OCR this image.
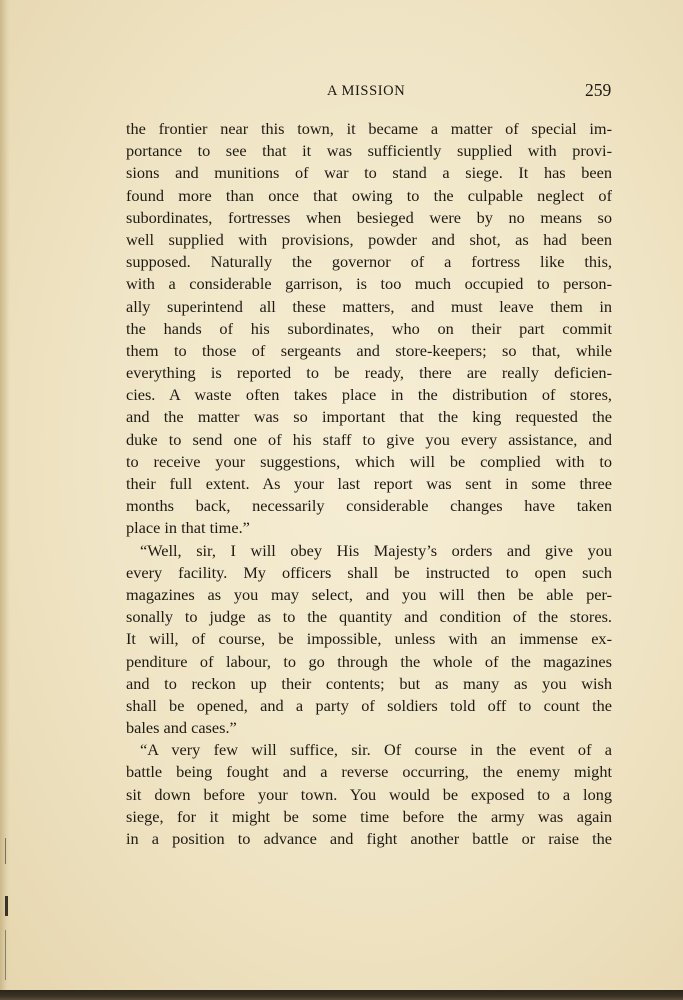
A MISSION	259
the frontier near this town, it became a matter of special im-
portance to see that it was sufficiently supplied with provi-
sions and munitions of war to stand a siege. It has been
found more than once that owing to the culpable neglect of
subordinates, fortresses when besieged were by no means so
well supplied with provisions, powder and shot, as had been
supposed. Naturally the governor of a fortress like this,
with a considerable garrison, is too much occupied to person-
ally superintend all these matters, and must leave them in
the hands of his subordinates, who on their part commit
them to those of sergeants and store-keepers; so that, while
everything is reported to be ready, there are really deficien-
cies. A waste often takes place in the distribution of stores,
and the matter was so important that the king requested the
duke to send one of his staff to give you every assistance, and
to receive your suggestions, which will be complied with to
their full extent. As your last report was sent in some three
months back, necessarily considerable changes have taken
place in that time.”
“Well, sir, I will obey His Majesty’s orders and give you
every facility. My officers shall be instructed to open such
magazines as you may select, and you will then be able per-
sonally to judge as to the quantity and condition of the stores.
It will, of course, be impossible, unless with an immense ex-
penditure of labour, to go through the whole of the magazines
and to reckon up their contents; but as many as you wish
shall be opened, and a party of soldiers told off to count the
bales and cases.”
“A very few will suffice, sir. Of course in the event of a
battle being fought and a reverse occurring, the enemy might
sit down before your town. You would be exposed to a long
siege, for it might be some time before the army was again
in a position to advance and fight another battle or raise the
